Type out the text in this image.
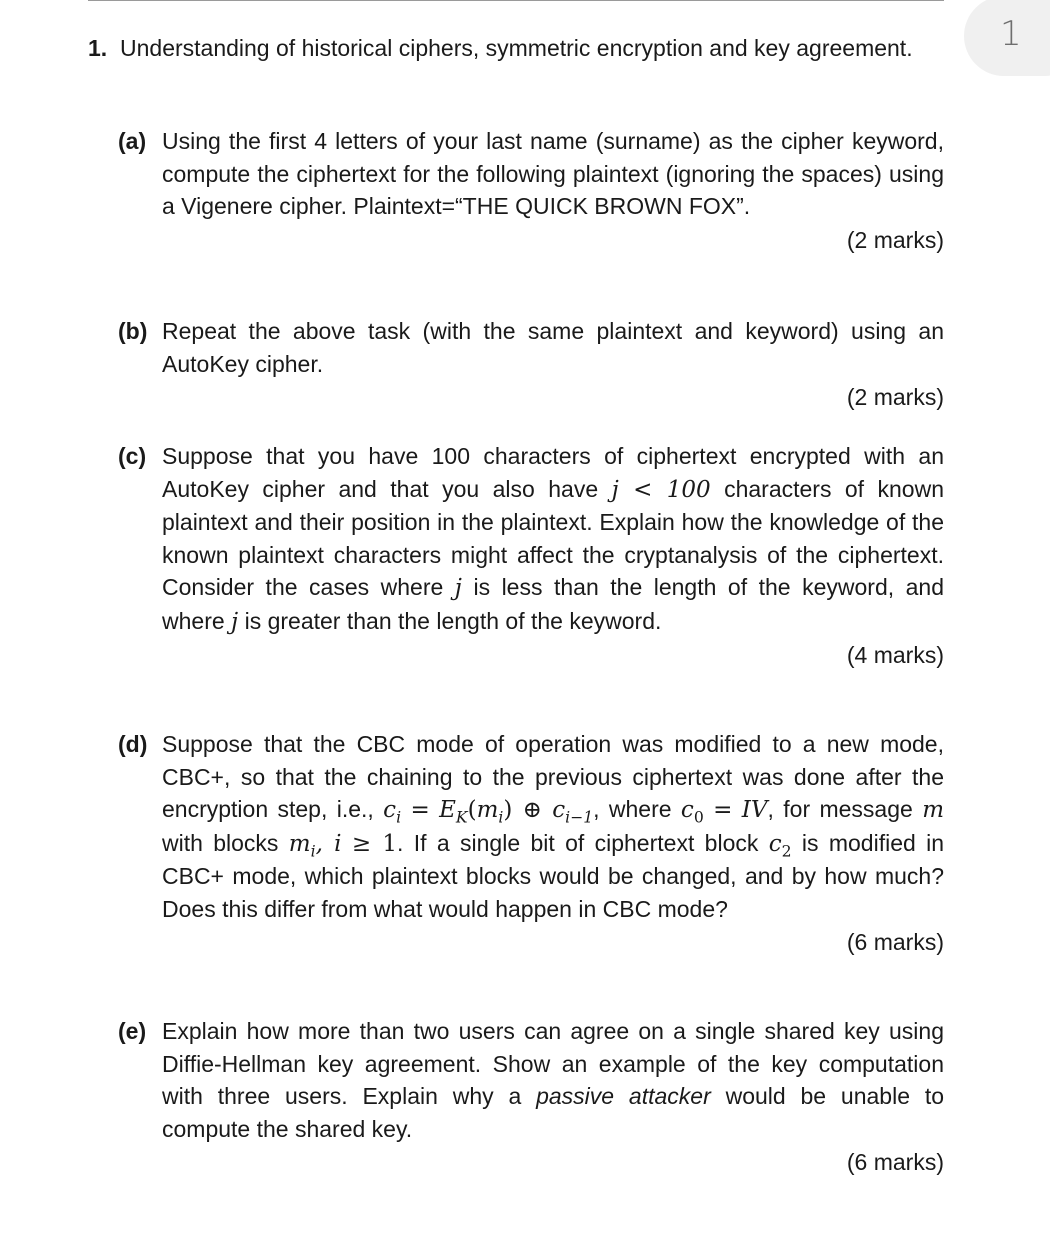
1
1. Understanding of historical ciphers, symmetric encryption and key agreement.
(a) Using the first 4 letters of your last name (surname) as the cipher keyword, compute the ciphertext for the following plaintext (ignoring the spaces) using a Vigenere cipher. Plaintext=“THE QUICK BROWN FOX”.
(2 marks)
(b) Repeat the above task (with the same plaintext and keyword) using an AutoKey cipher.
(2 marks)
(c) Suppose that you have 100 characters of ciphertext encrypted with an AutoKey cipher and that you also have j < 100 characters of known plaintext and their position in the plaintext. Explain how the knowledge of the known plaintext characters might affect the cryptanalysis of the ciphertext. Consider the cases where j is less than the length of the keyword, and where j is greater than the length of the keyword.
(4 marks)
(d) Suppose that the CBC mode of operation was modified to a new mode, CBC+, so that the chaining to the previous ciphertext was done after the encryption step, i.e., $c_i = E_K(m_i)$ ⊕ $c_{i-1}$, where $c_0$ = IV, for message m with blocks $m_i$, i ≥ 1. If a single bit of ciphertext block $c_2$ is modified in CBC+ mode, which plaintext blocks would be changed, and by how much? Does this differ from what would happen in CBC mode?
(6 marks)
(e) Explain how more than two users can agree on a single shared key using Diffie-Hellman key agreement. Show an example of the key computation with three users. Explain why a passive attacker would be unable to compute the shared key.
(6 marks)
